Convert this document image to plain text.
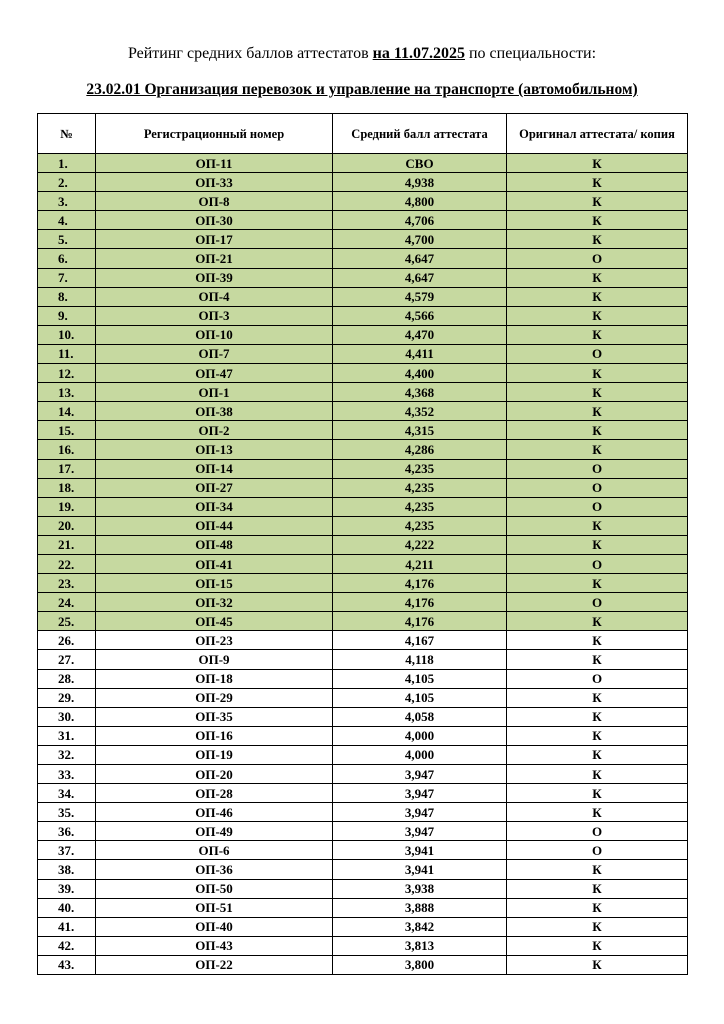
Рейтинг средних баллов аттестатов на 11.07.2025 по специальности:
23.02.01 Организация перевозок и управление на транспорте (автомобильном)
№	Регистрационный номер	Средний балл аттестата	Оригинал аттестата/ копия
1.	ОП-11	СВО	К
2.	ОП-33	4,938	К
3.	ОП-8	4,800	К
4.	ОП-30	4,706	К
5.	ОП-17	4,700	К
6.	ОП-21	4,647	О
7.	ОП-39	4,647	К
8.	ОП-4	4,579	К
9.	ОП-3	4,566	К
10.	ОП-10	4,470	К
11.	ОП-7	4,411	О
12.	ОП-47	4,400	К
13.	ОП-1	4,368	К
14.	ОП-38	4,352	К
15.	ОП-2	4,315	К
16.	ОП-13	4,286	К
17.	ОП-14	4,235	О
18.	ОП-27	4,235	О
19.	ОП-34	4,235	О
20.	ОП-44	4,235	К
21.	ОП-48	4,222	К
22.	ОП-41	4,211	О
23.	ОП-15	4,176	К
24.	ОП-32	4,176	О
25.	ОП-45	4,176	К
26.	ОП-23	4,167	К
27.	ОП-9	4,118	К
28.	ОП-18	4,105	О
29.	ОП-29	4,105	К
30.	ОП-35	4,058	К
31.	ОП-16	4,000	К
32.	ОП-19	4,000	К
33.	ОП-20	3,947	К
34.	ОП-28	3,947	К
35.	ОП-46	3,947	К
36.	ОП-49	3,947	О
37.	ОП-6	3,941	О
38.	ОП-36	3,941	К
39.	ОП-50	3,938	К
40.	ОП-51	3,888	К
41.	ОП-40	3,842	К
42.	ОП-43	3,813	К
43.	ОП-22	3,800	К
